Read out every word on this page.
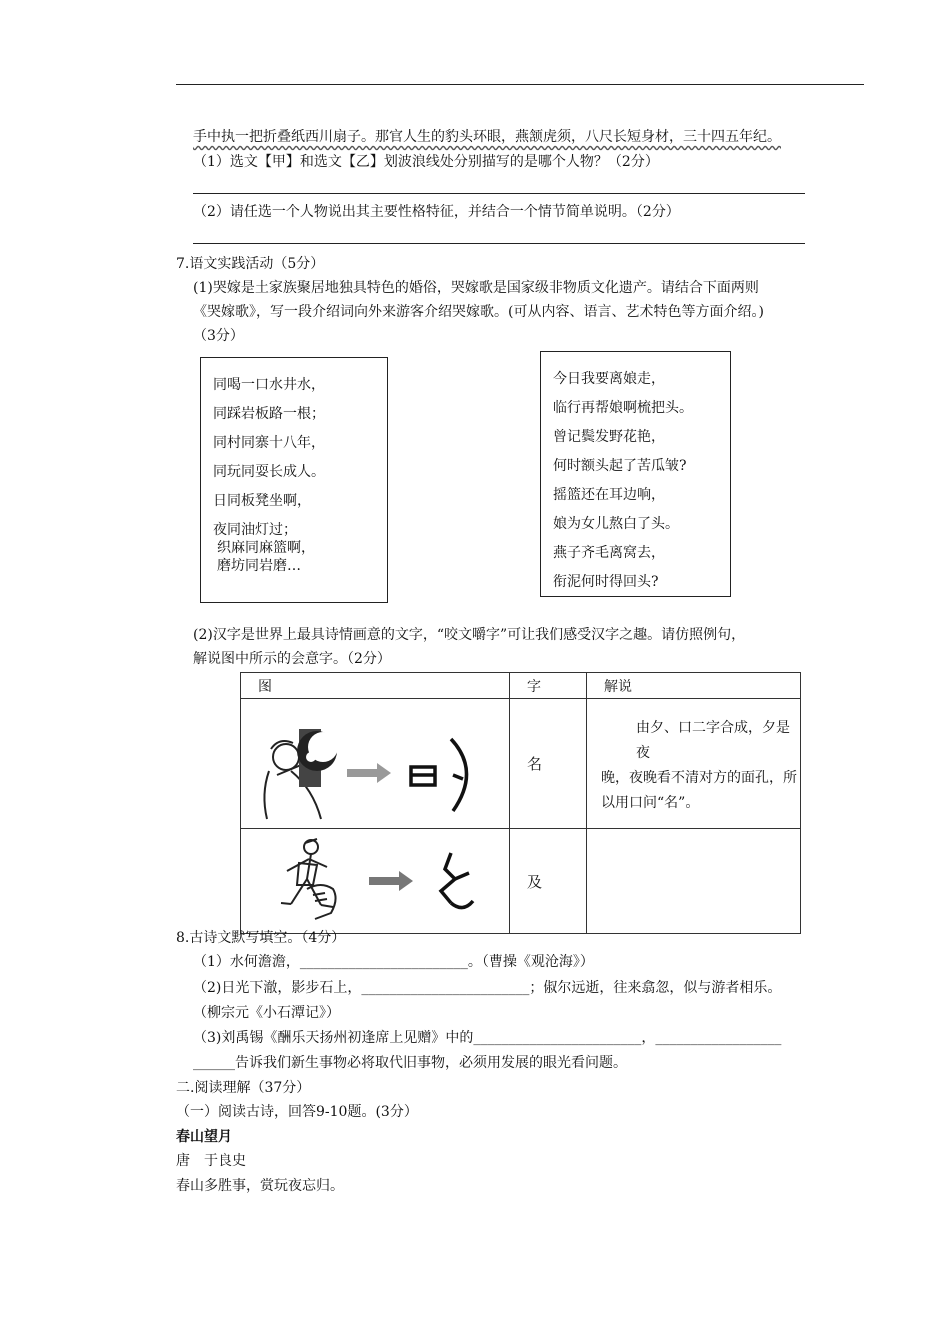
手中执一把折叠纸西川扇子。那官人生的豹头环眼，燕颔虎须，八尺长短身材，三十四五年纪。
（1）选文【甲】和选文【乙】划波浪线处分别描写的是哪个人物？（2分）
（2）请任选一个人物说出其主要性格特征，并结合一个情节简单说明。（2分）
7.语文实践活动（5分）
(1)哭嫁是土家族聚居地独具特色的婚俗，哭嫁歌是国家级非物质文化遗产。请结合下面两则
《哭嫁歌》，写一段介绍词向外来游客介绍哭嫁歌。(可从内容、语言、艺术特色等方面介绍。)
（3分）
同喝一口水井水，
同踩岩板路一根；
同村同寨十八年，
同玩同耍长成人。
日同板凳坐啊，
夜同油灯过；
织麻同麻篮啊，
磨坊同岩磨…
今日我要离娘走，
临行再帮娘啊梳把头。
曾记鬓发野花艳，
何时额头起了苦瓜皱?
摇篮还在耳边响，
娘为女儿熬白了头。
燕子齐毛离窝去，
衔泥何时得回头?
(2)汉字是世界上最具诗情画意的文字，“咬文嚼字”可让我们感受汉字之趣。请仿照例句，
解说图中所示的会意字。（2分）
图	字	解说
	名	由夕、口二字合成，夕是夜
晚，夜晚看不清对方的面孔，所
以用口问“名”。

	及	
8.古诗文默写填空。（4分）
（1）水何澹澹，________________________。（曹操《观沧海》）
（2)日光下澈，影步石上，________________________；俶尔远逝，往来翕忽，似与游者相乐。
（柳宗元《小石潭记》）
（3)刘禹锡《酬乐天扬州初逢席上见赠》中的________________________，__________________
______告诉我们新生事物必将取代旧事物，必须用发展的眼光看问题。
二.阅读理解（37分）
（一）阅读古诗，回答9-10题。(3分）
春山望月
唐　于良史
春山多胜事，赏玩夜忘归。
